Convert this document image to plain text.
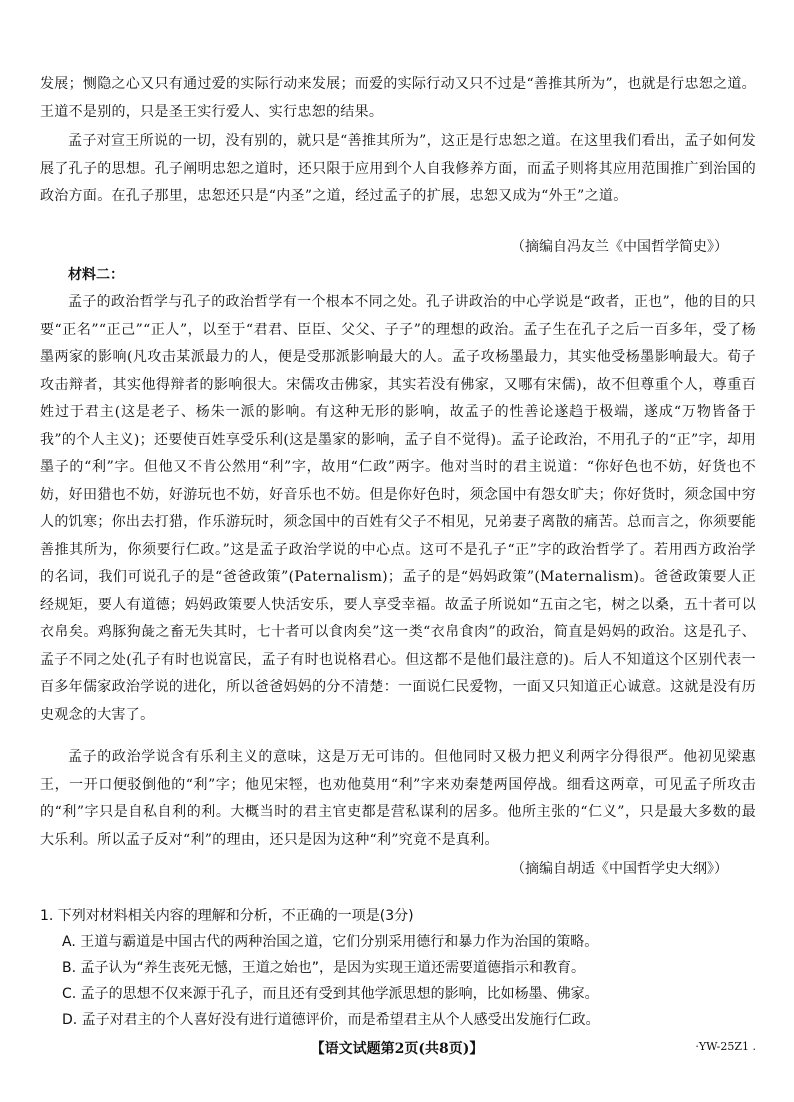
发展；恻隐之心又只有通过爱的实际行动来发展；而爱的实际行动又只不过是“善推其所为”，也就是行忠恕之道。王道不是别的，只是圣王实行爱人、实行忠恕的结果。

孟子对宣王所说的一切，没有别的，就只是“善推其所为”，这正是行忠恕之道。在这里我们看出，孟子如何发展了孔子的思想。孔子阐明忠恕之道时，还只限于应用到个人自我修养方面，而孟子则将其应用范围推广到治国的政治方面。在孔子那里，忠恕还只是“内圣”之道，经过孟子的扩展，忠恕又成为“外王”之道。

（摘编自冯友兰《中国哲学简史》）
材料二：

孟子的政治哲学与孔子的政治哲学有一个根本不同之处。孔子讲政治的中心学说是“政者，正也”，他的目的只要“正名”“正己”“正人”，以至于“君君、臣臣、父父、子子”的理想的政治。孟子生在孔子之后一百多年，受了杨墨两家的影响(凡攻击某派最力的人，便是受那派影响最大的人。孟子攻杨墨最力，其实他受杨墨影响最大。荀子攻击辩者，其实他得辩者的影响很大。宋儒攻击佛家，其实若没有佛家，又哪有宋儒)，故不但尊重个人，尊重百姓过于君主(这是老子、杨朱一派的影响。有这种无形的影响，故孟子的性善论遂趋于极端，遂成“万物皆备于我”的个人主义)；还要使百姓享受乐利(这是墨家的影响，孟子自不觉得)。孟子论政治，不用孔子的“正”字，却用墨子的“利”字。但他又不肯公然用“利”字，故用“仁政”两字。他对当时的君主说道：“你好色也不妨，好货也不妨，好田猎也不妨，好游玩也不妨，好音乐也不妨。但是你好色时，须念国中有怨女旷夫；你好货时，须念国中穷人的饥寒；你出去打猎，作乐游玩时，须念国中的百姓有父子不相见，兄弟妻子离散的痛苦。总而言之，你须要能善推其所为，你须要行仁政。”这是孟子政治学说的中心点。这可不是孔子“正”字的政治哲学了。若用西方政治学的名词，我们可说孔子的是“爸爸政策”(Paternalism)；孟子的是“妈妈政策”(Maternalism)。爸爸政策要人正经规矩，要人有道德；妈妈政策要人快活安乐，要人享受幸福。故孟子所说如“五亩之宅，树之以桑，五十者可以衣帛矣。鸡豚狗彘之畜无失其时，七十者可以食肉矣”这一类“衣帛食肉”的政治，简直是妈妈的政治。这是孔子、孟子不同之处(孔子有时也说富民，孟子有时也说格君心。但这都不是他们最注意的)。后人不知道这个区别代表一百多年儒家政治学说的进化，所以爸爸妈妈的分不清楚：一面说仁民爱物，一面又只知道正心诚意。这就是没有历史观念的大害了。

孟子的政治学说含有乐利主义的意味，这是万无可讳的。但他同时又极力把义利两字分得很严。他初见梁惠王，一开口便驳倒他的“利”字；他见宋牼，也劝他莫用“利”字来劝秦楚两国停战。细看这两章，可见孟子所攻击的“利”字只是自私自利的利。大概当时的君主官吏都是营私谋利的居多。他所主张的“仁义”，只是最大多数的最大乐利。所以孟子反对“利”的理由，还只是因为这种“利”究竟不是真利。

（摘编自胡适《中国哲学史大纲》）
1. 下列对材料相关内容的理解和分析，不正确的一项是(3分)
A. 王道与霸道是中国古代的两种治国之道，它们分别采用德行和暴力作为治国的策略。
B. 孟子认为“养生丧死无憾，王道之始也”，是因为实现王道还需要道德指示和教育。
C. 孟子的思想不仅来源于孔子，而且还有受到其他学派思想的影响，比如杨墨、佛家。
D. 孟子对君主的个人喜好没有进行道德评价，而是希望君主从个人感受出发施行仁政。
【语文试题第2页(共8页)】	·YW-25Z1 .
